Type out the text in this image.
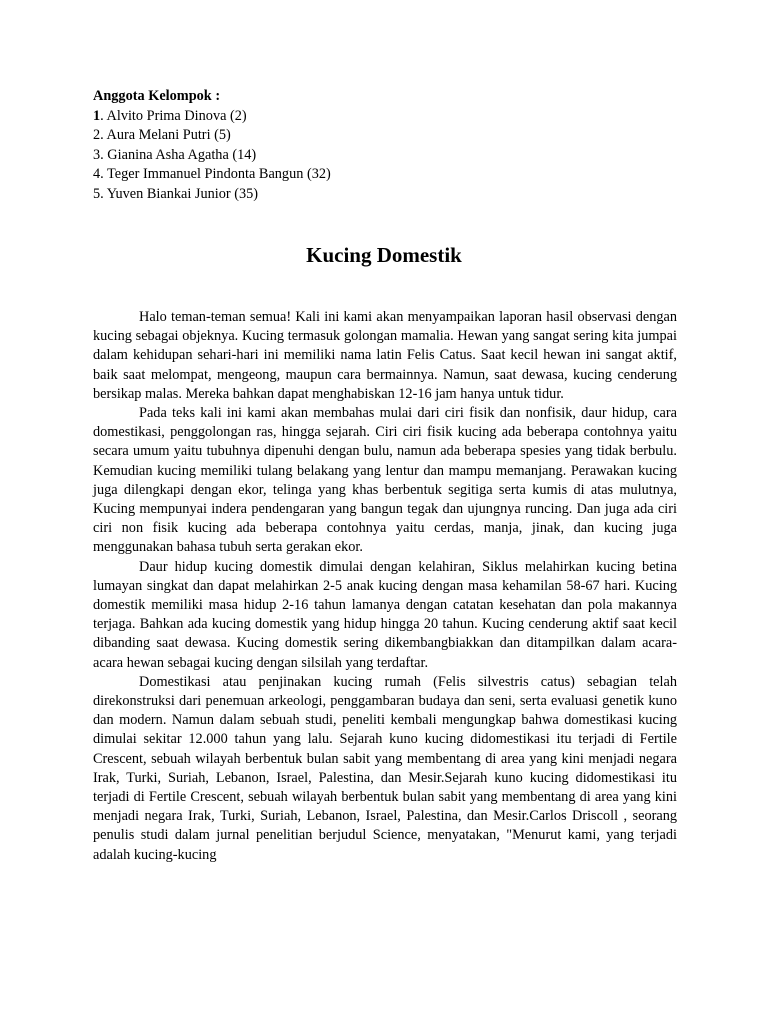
Anggota Kelompok :
1. Alvito Prima Dinova (2)
2. Aura Melani Putri (5)
3. Gianina Asha Agatha (14)
4. Teger Immanuel Pindonta Bangun (32)
5. Yuven Biankai Junior (35)
Kucing Domestik

Halo teman-teman semua! Kali ini kami akan menyampaikan laporan hasil observasi dengan kucing sebagai objeknya. Kucing termasuk golongan mamalia. Hewan yang sangat sering kita jumpai dalam kehidupan sehari-hari ini memiliki nama latin Felis Catus. Saat kecil hewan ini sangat aktif, baik saat melompat, mengeong, maupun cara bermainnya. Namun, saat dewasa, kucing cenderung bersikap malas. Mereka bahkan dapat menghabiskan 12-16 jam hanya untuk tidur.

Pada teks kali ini kami akan membahas mulai dari ciri fisik dan nonfisik, daur hidup, cara domestikasi, penggolongan ras, hingga sejarah. Ciri ciri fisik kucing ada beberapa contohnya yaitu secara umum yaitu tubuhnya dipenuhi dengan bulu, namun ada beberapa spesies yang tidak berbulu. Kemudian kucing memiliki tulang belakang yang lentur dan mampu memanjang. Perawakan kucing juga dilengkapi dengan ekor, telinga yang khas berbentuk segitiga serta kumis di atas mulutnya, Kucing mempunyai indera pendengaran yang bangun tegak dan ujungnya runcing. Dan juga ada ciri ciri non fisik kucing ada beberapa contohnya yaitu cerdas, manja, jinak, dan kucing juga menggunakan bahasa tubuh serta gerakan ekor.

Daur hidup kucing domestik dimulai dengan kelahiran, Siklus melahirkan kucing betina lumayan singkat dan dapat melahirkan 2-5 anak kucing dengan masa kehamilan 58-67 hari. Kucing domestik memiliki masa hidup 2-16 tahun lamanya dengan catatan kesehatan dan pola makannya terjaga. Bahkan ada kucing domestik yang hidup hingga 20 tahun. Kucing cenderung aktif saat kecil dibanding saat dewasa. Kucing domestik sering dikembangbiakkan dan ditampilkan dalam acara-acara hewan sebagai kucing dengan silsilah yang terdaftar.

Domestikasi atau penjinakan kucing rumah (Felis silvestris catus) sebagian telah direkonstruksi dari penemuan arkeologi, penggambaran budaya dan seni, serta evaluasi genetik kuno dan modern. Namun dalam sebuah studi, peneliti kembali mengungkap bahwa domestikasi kucing dimulai sekitar 12.000 tahun yang lalu. Sejarah kuno kucing didomestikasi itu terjadi di Fertile Crescent, sebuah wilayah berbentuk bulan sabit yang membentang di area yang kini menjadi negara Irak, Turki, Suriah, Lebanon, Israel, Palestina, dan Mesir.Sejarah kuno kucing didomestikasi itu terjadi di Fertile Crescent, sebuah wilayah berbentuk bulan sabit yang membentang di area yang kini menjadi negara Irak, Turki, Suriah, Lebanon, Israel, Palestina, dan Mesir.Carlos Driscoll , seorang penulis studi dalam jurnal penelitian berjudul Science, menyatakan, "Menurut kami, yang terjadi adalah kucing-kucing
